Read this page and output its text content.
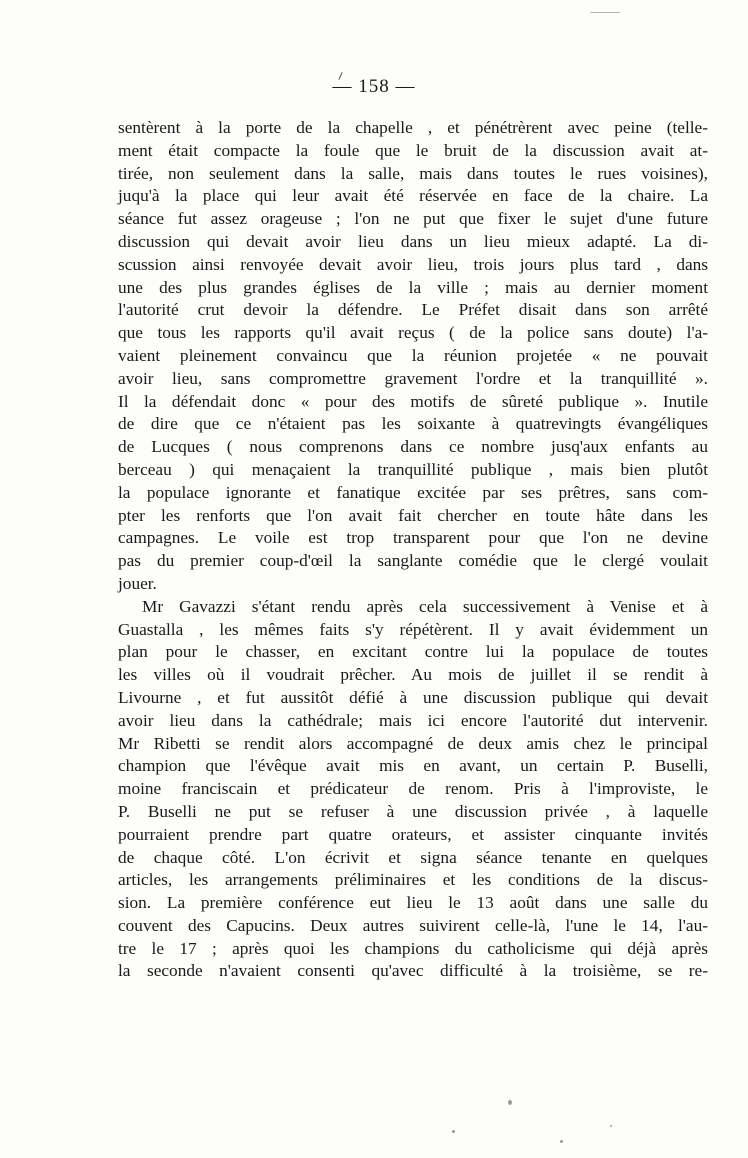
— 158 —
sentèrent à la porte de la chapelle , et pénétrèrent avec peine (telle-
ment était compacte la foule que le bruit de la discussion avait at-
tirée, non seulement dans la salle, mais dans toutes le rues voisines),
juqu'à la place qui leur avait été réservée en face de la chaire. La
séance fut assez orageuse ; l'on ne put que fixer le sujet d'une future
discussion qui devait avoir lieu dans un lieu mieux adapté. La di-
scussion ainsi renvoyée devait avoir lieu, trois jours plus tard , dans
une des plus grandes églises de la ville ; mais au dernier moment
l'autorité crut devoir la défendre. Le Préfet disait dans son arrêté
que tous les rapports qu'il avait reçus ( de la police sans doute) l'a-
vaient pleinement convaincu que la réunion projetée « ne pouvait
avoir lieu, sans compromettre gravement l'ordre et la tranquillité ».
Il la défendait donc « pour des motifs de sûreté publique ». Inutile
de dire que ce n'étaient pas les soixante à quatrevingts évangéliques
de Lucques ( nous comprenons dans ce nombre jusq'aux enfants au
berceau ) qui menaçaient la tranquillité publique , mais bien plutôt
la populace ignorante et fanatique excitée par ses prêtres, sans com-
pter les renforts que l'on avait fait chercher en toute hâte dans les
campagnes. Le voile est trop transparent pour que l'on ne devine
pas du premier coup-d'œil la sanglante comédie que le clergé voulait
jouer.
Mr Gavazzi s'étant rendu après cela successivement à Venise et à
Guastalla , les mêmes faits s'y répétèrent. Il y avait évidemment un
plan pour le chasser, en excitant contre lui la populace de toutes
les villes où il voudrait prêcher. Au mois de juillet il se rendit à
Livourne , et fut aussitôt défié à une discussion publique qui devait
avoir lieu dans la cathédrale; mais ici encore l'autorité dut intervenir.
Mr Ribetti se rendit alors accompagné de deux amis chez le principal
champion que l'évêque avait mis en avant, un certain P. Buselli,
moine franciscain et prédicateur de renom. Pris à l'improviste, le
P. Buselli ne put se refuser à une discussion privée , à laquelle
pourraient prendre part quatre orateurs, et assister cinquante invités
de chaque côté. L'on écrivit et signa séance tenante en quelques
articles, les arrangements préliminaires et les conditions de la discus-
sion. La première conférence eut lieu le 13 août dans une salle du
couvent des Capucins. Deux autres suivirent celle-là, l'une le 14, l'au-
tre le 17 ; après quoi les champions du catholicisme qui déjà après
la seconde n'avaient consenti qu'avec difficulté à la troisième, se re-
